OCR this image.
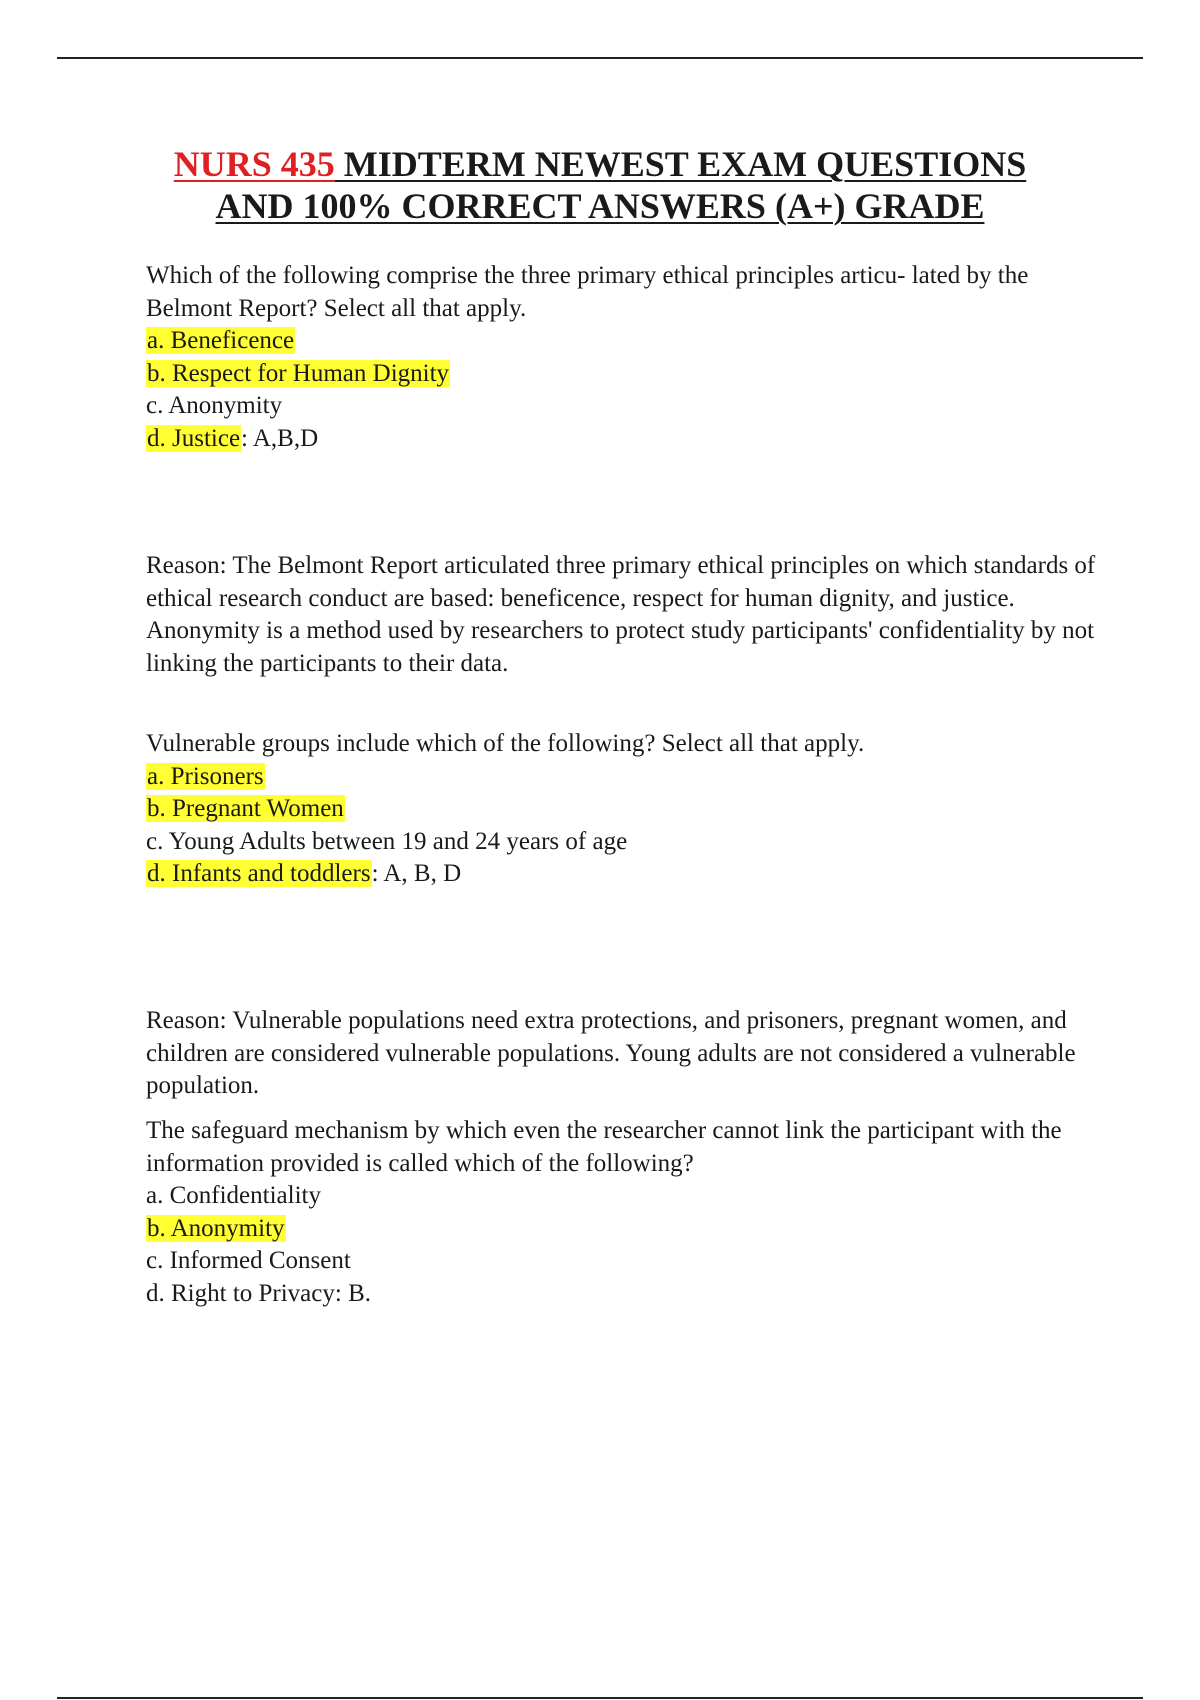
NURS 435 MIDTERM NEWEST EXAM QUESTIONS
AND 100% CORRECT ANSWERS (A+) GRADE

Which of the following comprise the three primary ethical principles articu- lated by the Belmont Report? Select all that apply.

a. Beneficence

b. Respect for Human Dignity

c. Anonymity

d. Justice: A,B,D

Reason: The Belmont Report articulated three primary ethical principles on which standards of ethical research conduct are based: beneficence, respect for human dignity, and justice. Anonymity is a method used by researchers to protect study participants' confidentiality by not linking the participants to their data.

Vulnerable groups include which of the following? Select all that apply.

a. Prisoners

b. Pregnant Women

c. Young Adults between 19 and 24 years of age

d. Infants and toddlers: A, B, D

Reason: Vulnerable populations need extra protections, and prisoners, pregnant women, and children are considered vulnerable populations. Young adults are not considered a vulnerable population.

The safeguard mechanism by which even the researcher cannot link the participant with the information provided is called which of the following?

a. Confidentiality

b. Anonymity

c. Informed Consent

d. Right to Privacy: B.
